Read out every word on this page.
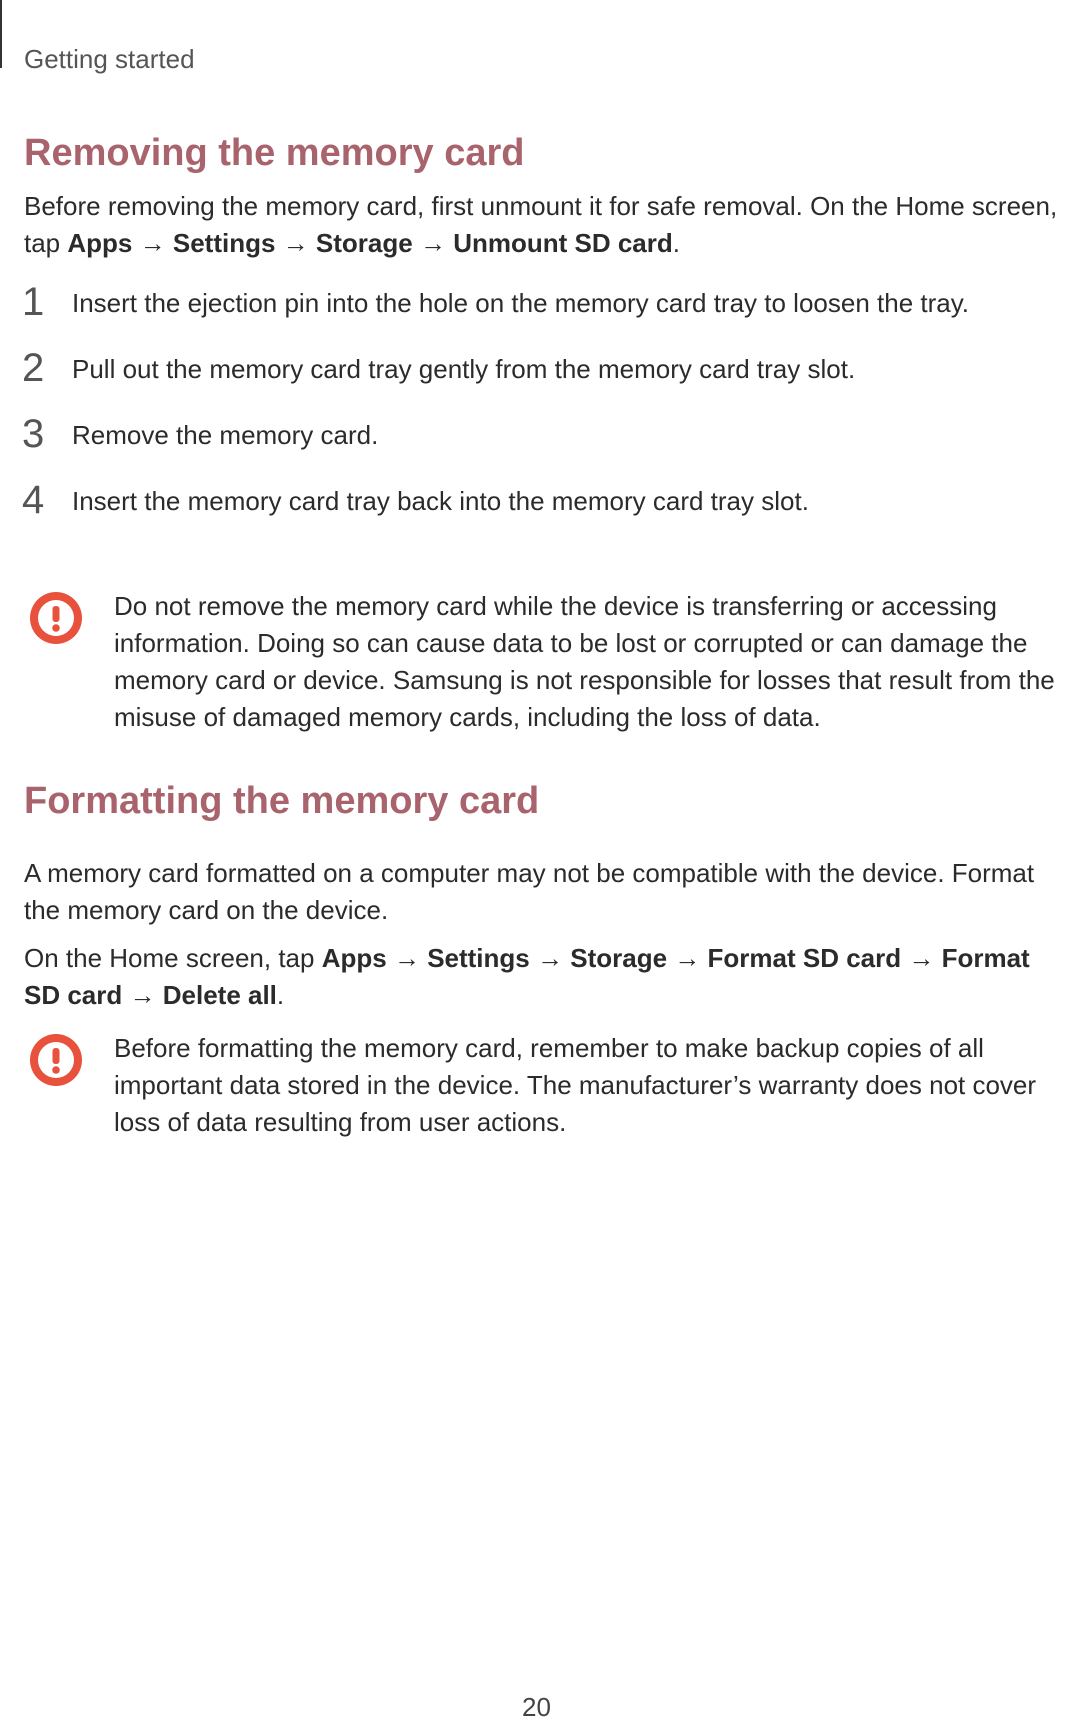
Getting started
Removing the memory card

Before removing the memory card, first unmount it for safe removal. On the Home screen, tap Apps → Settings → Storage → Unmount SD card.

1 Insert the ejection pin into the hole on the memory card tray to loosen the tray.
2 Pull out the memory card tray gently from the memory card tray slot.
3 Remove the memory card.
4 Insert the memory card tray back into the memory card tray slot.

Do not remove the memory card while the device is transferring or accessing information. Doing so can cause data to be lost or corrupted or can damage the memory card or device. Samsung is not responsible for losses that result from the misuse of damaged memory cards, including the loss of data.

Formatting the memory card

A memory card formatted on a computer may not be compatible with the device. Format the memory card on the device.

On the Home screen, tap Apps → Settings → Storage → Format SD card → Format SD card → Delete all.

Before formatting the memory card, remember to make backup copies of all important data stored in the device. The manufacturer’s warranty does not cover loss of data resulting from user actions.

20
